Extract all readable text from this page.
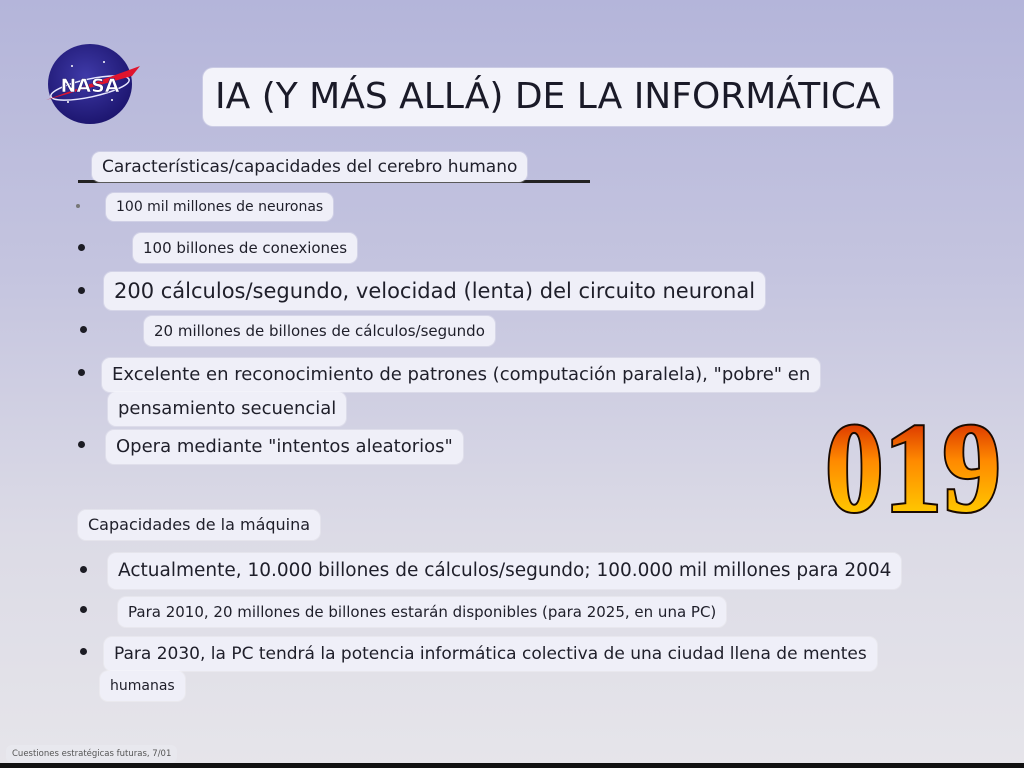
NASA	IA (Y MÁS ALLÁ) DE LA INFORMÁTICA
Características/capacidades del cerebro humano
100 mil millones de neuronas
100 billones de conexiones
200 cálculos/segundo, velocidad (lenta) del circuito neuronal
20 millones de billones de cálculos/segundo
Excelente en reconocimiento de patrones (computación paralela), "pobre" en
pensamiento secuencial
Opera mediante "intentos aleatorios"
Capacidades de la máquina
Actualmente, 10.000 billones de cálculos/segundo; 100.000 mil millones para 2004
Para 2010, 20 millones de billones estarán disponibles (para 2025, en una PC)
Para 2030, la PC tendrá la potencia informática colectiva de una ciudad llena de mentes
humanas
019
Cuestiones estratégicas futuras, 7/01
